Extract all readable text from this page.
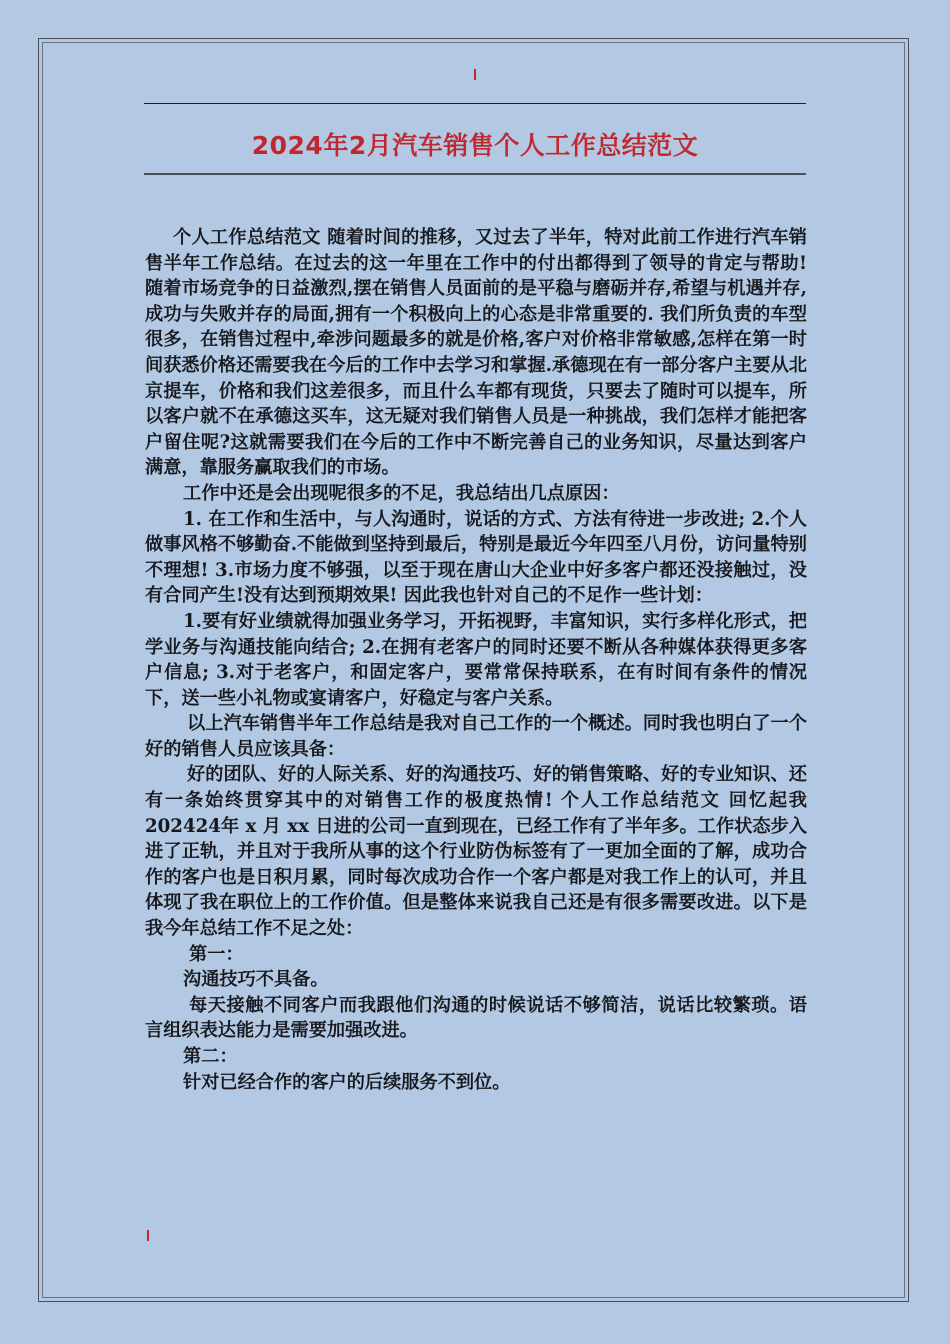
2024年2月汽车销售个人工作总结范文

个人工作总结范文 随着时间的推移，又过去了半年，特对此前工作进行汽车销售半年工作总结。在过去的这一年里在工作中的付出都得到了领导的肯定与帮助! 随着市场竞争的日益激烈,摆在销售人员面前的是平稳与磨砺并存,希望与机遇并存,成功与失败并存的局面,拥有一个积极向上的心态是非常重要的. 我们所负责的车型很多，在销售过程中,牵涉问题最多的就是价格,客户对价格非常敏感,怎样在第一时间获悉价格还需要我在今后的工作中去学习和掌握.承德现在有一部分客户主要从北京提车，价格和我们这差很多，而且什么车都有现货，只要去了随时可以提车，所以客户就不在承德这买车，这无疑对我们销售人员是一种挑战，我们怎样才能把客户留住呢?这就需要我们在今后的工作中不断完善自己的业务知识，尽量达到客户满意，靠服务赢取我们的市场。

工作中还是会出现呢很多的不足，我总结出几点原因：

1. 在工作和生活中，与人沟通时，说话的方式、方法有待进一步改进; 2.个人做事风格不够勤奋.不能做到坚持到最后，特别是最近今年四至八月份，访问量特别不理想! 3.市场力度不够强，以至于现在唐山大企业中好多客户都还没接触过，没有合同产生!没有达到预期效果! 因此我也针对自己的不足作一些计划：

1.要有好业绩就得加强业务学习，开拓视野，丰富知识，实行多样化形式，把学业务与沟通技能向结合; 2.在拥有老客户的同时还要不断从各种媒体获得更多客户信息; 3.对于老客户，和固定客户，要常常保持联系，在有时间有条件的情况下，送一些小礼物或宴请客户，好稳定与客户关系。

以上汽车销售半年工作总结是我对自己工作的一个概述。同时我也明白了一个好的销售人员应该具备：

好的团队、好的人际关系、好的沟通技巧、好的销售策略、好的专业知识、还有一条始终贯穿其中的对销售工作的极度热情! 个人工作总结范文 回忆起我202424年 x 月 xx 日进的公司一直到现在，已经工作有了半年多。工作状态步入进了正轨，并且对于我所从事的这个行业防伪标签有了一更加全面的了解，成功合作的客户也是日积月累，同时每次成功合作一个客户都是对我工作上的认可，并且体现了我在职位上的工作价值。但是整体来说我自己还是有很多需要改进。以下是我今年总结工作不足之处：

第一：

沟通技巧不具备。

每天接触不同客户而我跟他们沟通的时候说话不够简洁，说话比较繁琐。语言组织表达能力是需要加强改进。

第二：

针对已经合作的客户的后续服务不到位。
